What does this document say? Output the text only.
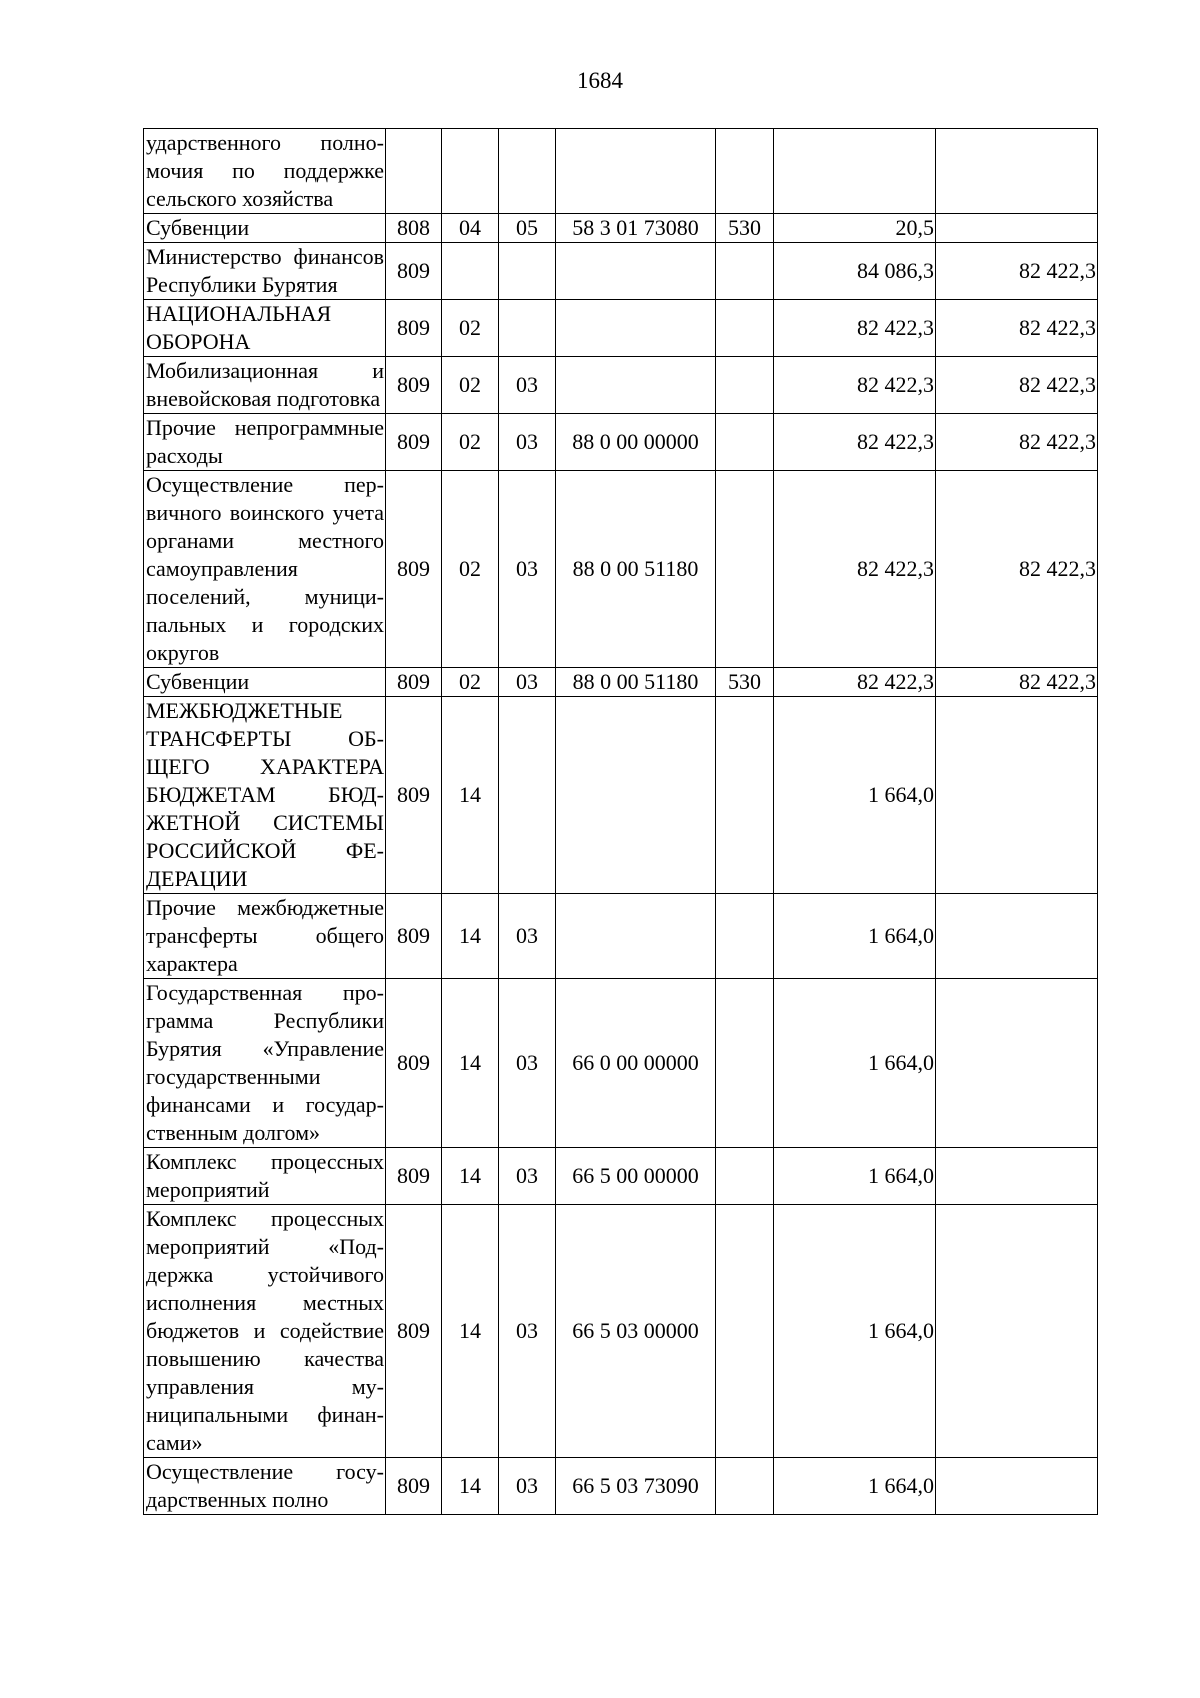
1684
ударственного полномочия по поддержке сельского хозяйства							
Субвенции	808	04	05	58 3 01 73080	530	20,5	
Министерство финансов Республики Бурятия	809					84 086,3	82 422,3
НАЦИОНАЛЬНАЯ ОБОРОНА	809	02				82 422,3	82 422,3
Мобилизационная и вневойсковая подготовка	809	02	03			82 422,3	82 422,3
Прочие непрограммные расходы	809	02	03	88 0 00 00000		82 422,3	82 422,3
Осуществление первичного воинского учета органами местного самоуправления поселений, муниципальных и городских округов	809	02	03	88 0 00 51180		82 422,3	82 422,3
Субвенции	809	02	03	88 0 00 51180	530	82 422,3	82 422,3
МЕЖБЮДЖЕТНЫЕ ТРАНСФЕРТЫ ОБЩЕГО ХАРАКТЕРА БЮДЖЕТАМ БЮДЖЕТНОЙ СИСТЕМЫ РОССИЙСКОЙ ФЕДЕРАЦИИ	809	14				1 664,0	
Прочие межбюджетные трансферты общего характера	809	14	03			1 664,0	
Государственная программа Республики Бурятия «Управление государственными финансами и государственным долгом»	809	14	03	66 0 00 00000		1 664,0	
Комплекс процессных мероприятий	809	14	03	66 5 00 00000		1 664,0	
Комплекс процессных мероприятий «Поддержка устойчивого исполнения местных бюджетов и содействие повышению качества управления муниципальными финансами»	809	14	03	66 5 03 00000		1 664,0	
Осуществление государственных полно	809	14	03	66 5 03 73090		1 664,0	
